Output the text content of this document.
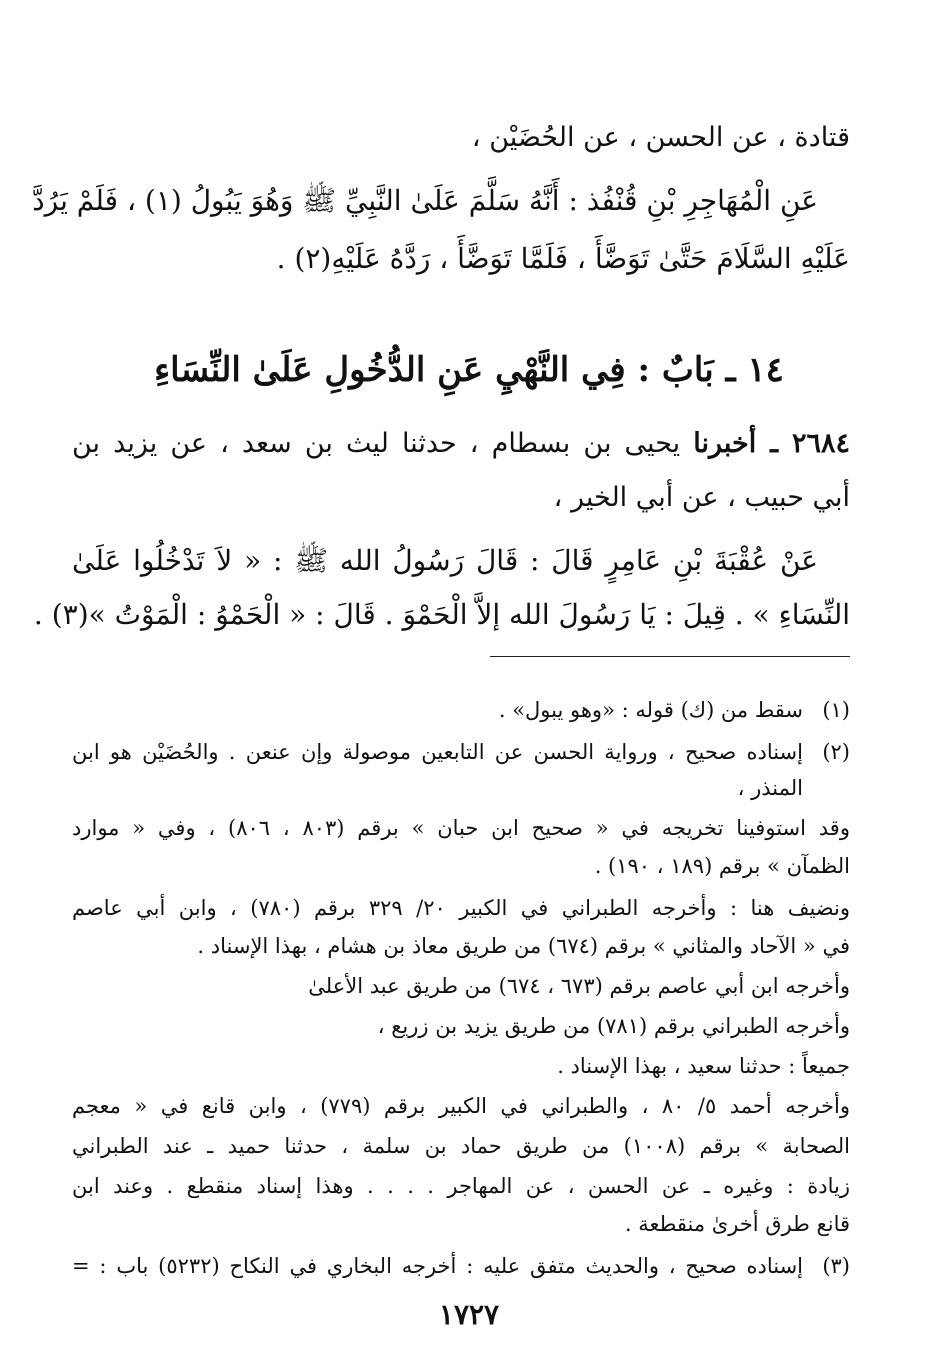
قتادة ، عن الحسن ، عن الحُضَيْن ،
عَنِ الْمُهَاجِرِ بْنِ قُنْفُذ : أَنَّهُ سَلَّمَ عَلَىٰ النَّبِيِّ ﷺ وَهُوَ يَبُولُ (١) ، فَلَمْ يَرُدَّ
عَلَيْهِ السَّلَامَ حَتَّىٰ تَوَضَّأَ ، فَلَمَّا تَوَضَّأَ ، رَدَّهُ عَلَيْهِ(٢) .
١٤ ـ بَابٌ : فِي النَّهْيِ عَنِ الدُّخُولِ عَلَىٰ النِّسَاءِ
٢٦٨٤ ـ أخبرنا يحيى بن بسطام ، حدثنا ليث بن سعد ، عن يزيد بن
أبي حبيب ، عن أبي الخير ،
عَنْ عُقْبَةَ بْنِ عَامِرٍ قَالَ : قَالَ رَسُولُ الله ﷺ : « لاَ تَدْخُلُوا عَلَىٰ
النِّسَاءِ » . قِيلَ : يَا رَسُولَ الله إلاَّ الْحَمْوَ . قَالَ : « الْحَمْوُ : الْمَوْتُ »(٣) .
(١)
سقط من (ك) قوله : «وهو يبول» .
(٢)
إسناده صحيح ، ورواية الحسن عن التابعين موصولة وإن عنعن . والحُضَيْن هو ابن
المنذر ،
وقد استوفينا تخريجه في « صحيح ابن حبان » برقم (٨٠٣ ، ٨٠٦) ، وفي « موارد
الظمآن » برقم (١٨٩ ، ١٩٠) .
ونضيف هنا : وأخرجه الطبراني في الكبير ٢٠/ ٣٢٩ برقم (٧٨٠) ، وابن أبي عاصم
في « الآحاد والمثاني » برقم (٦٧٤) من طريق معاذ بن هشام ، بهذا الإسناد .
وأخرجه ابن أبي عاصم برقم (٦٧٣ ، ٦٧٤) من طريق عبد الأعلىٰ
وأخرجه الطبراني برقم (٧٨١) من طريق يزيد بن زريع ،
جميعاً : حدثنا سعيد ، بهذا الإسناد .
وأخرجه أحمد ٥/ ٨٠ ، والطبراني في الكبير برقم (٧٧٩) ، وابن قانع في « معجم
الصحابة » برقم (١٠٠٨) من طريق حماد بن سلمة ، حدثنا حميد ـ عند الطبراني
زيادة : وغيره ـ عن الحسن ، عن المهاجر . . . . وهذا إسناد منقطع . وعند ابن
قانع طرق أخرىٰ منقطعة .
(٣)
إسناده صحيح ، والحديث متفق عليه : أخرجه البخاري في النكاح (٥٢٣٢) باب : =
١٧٢٧
